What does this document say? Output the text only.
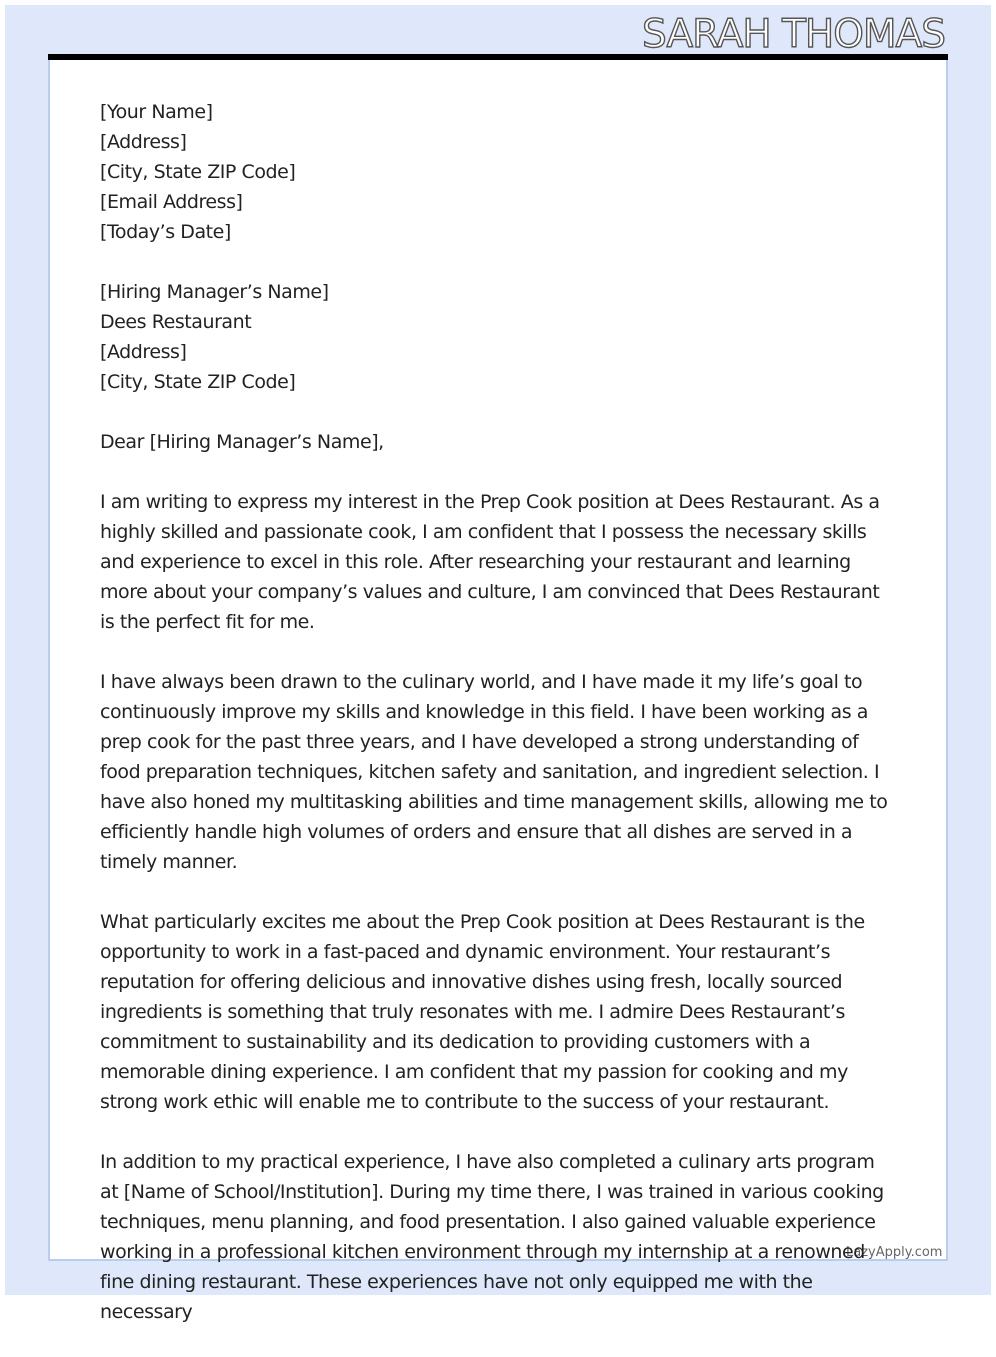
SARAH THOMAS
[Your Name]
[Address]
[City, State ZIP Code]
[Email Address]
[Today’s Date]
[Hiring Manager’s Name]
Dees Restaurant
[Address]
[City, State ZIP Code]
Dear [Hiring Manager’s Name],

I am writing to express my interest in the Prep Cook position at Dees Restaurant. As a highly skilled and passionate cook, I am confident that I possess the necessary skills and experience to excel in this role. After researching your restaurant and learning more about your company’s values and culture, I am convinced that Dees Restaurant is the perfect fit for me.

I have always been drawn to the culinary world, and I have made it my life’s goal to continuously improve my skills and knowledge in this field. I have been working as a prep cook for the past three years, and I have developed a strong understanding of food preparation techniques, kitchen safety and sanitation, and ingredient selection. I have also honed my multitasking abilities and time management skills, allowing me to efficiently handle high volumes of orders and ensure that all dishes are served in a timely manner.

What particularly excites me about the Prep Cook position at Dees Restaurant is the opportunity to work in a fast-paced and dynamic environment. Your restaurant’s reputation for offering delicious and innovative dishes using fresh, locally sourced ingredients is something that truly resonates with me. I admire Dees Restaurant’s commitment to sustainability and its dedication to providing customers with a memorable dining experience. I am confident that my passion for cooking and my strong work ethic will enable me to contribute to the success of your restaurant.

In addition to my practical experience, I have also completed a culinary arts program at [Name of School/Institution]. During my time there, I was trained in various cooking techniques, menu planning, and food presentation. I also gained valuable experience working in a professional kitchen environment through my internship at a renowned fine dining restaurant. These experiences have not only equipped me with the necessary

LazyApply.com
